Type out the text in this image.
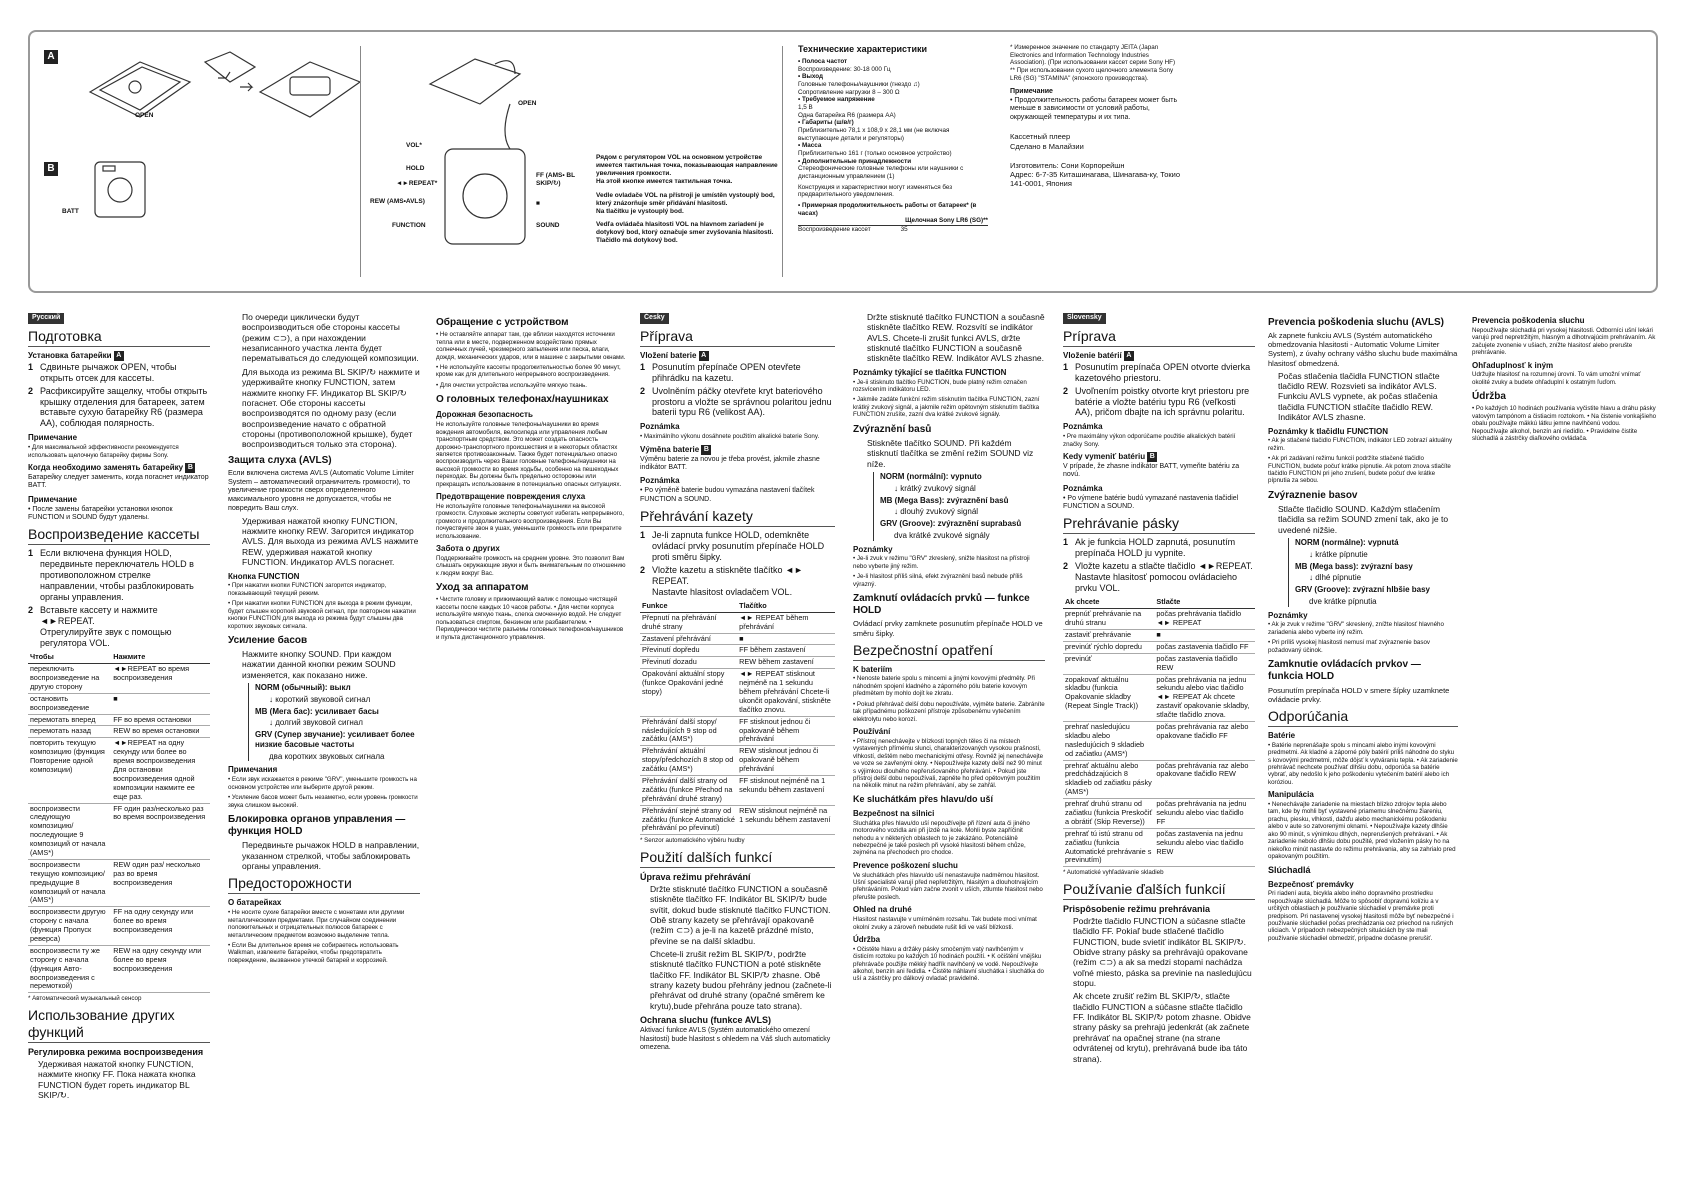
A
B
OPEN
BATT
OPEN
VOL*
HOLD
◄►REPEAT*
REW (AMS•AVLS)
FUNCTION
FF (AMS• BL SKIP/↻)
■
SOUND

Рядом с регулятором VOL на основном устройстве имеется тактильная точка, показывающая направление увеличения громкости.

На этой кнопке имеется тактильная точка.

Vedle ovladače VOL na přístroji je umístěn vystouplý bod, který znázorňuje směr přidávání hlasitosti.

Na tlačítku je vystouplý bod.

Vedľa ovládača hlasitosti VOL na hlavnom zariadení je dotykový bod, ktorý označuje smer zvyšovania hlasitosti.

Tlačidlo má dotykový bod.

Технические характеристики
• Полоса частот
Воспроизведение: 30-18 000 Гц
• Выход
Головные телефоны/наушники (гнездо ♫)
Сопротивление нагрузки 8 – 300 Ω
• Требуемое напряжение
1,5 В
Одна батарейка R6 (размера AA)
• Габариты (ш/в/г)
Приблизительно 78,1 x 108,9 x 28,1 мм (не включая выступающие детали и регуляторы)
• Масса
Приблизительно 161 г (только основное устройство)
• Дополнительные принадлежности
Стереофонические головные телефоны или наушники с дистанционным управлением (1)
Конструкция и характеристики могут изменяться без предварительного уведомления.
• Примерная продолжительность работы от батареек* (в часах)
Щелочная Sony LR6 (SG)**
Воспроизведение кассет	35
* Измеренное значение по стандарту JEITA (Japan Electronics and Information Technology Industries Association). (При использовании кассет серии Sony HF)
** При использовании сухого щелочного элемента Sony LR6 (SG) "STAMINA" (японского производства).
Примечание
• Продолжительность работы батареек может быть меньше в зависимости от условий работы, окружающей температуры и их типа.
Кассетный плеер
Сделано в Малайзии
Изготовитель: Сони Корпорейшн
Адрес: 6-7-35 Киташинагава, Шинагава-ку, Токио 141-0001, Япония
Русский
Подготовка
Установка батарейки A
1 Сдвиньте рычажок OPEN, чтобы открыть отсек для кассеты.
2 Расфиксируйте защелку, чтобы открыть крышку отделения для батареек, затем вставьте сухую батарейку R6 (размера AA), соблюдая полярность.
Примечание

• Для максимальной эффективности рекомендуется использовать щелочную батарейку фирмы Sony.

Когда необходимо заменять батарейку B

Батарейку следует заменить, когда погаснет индикатор BATT.

Примечание

• После замены батарейки установки кнопок FUNCTION и SOUND будут удалены.

Воспроизведение кассеты
1 Если включена функция HOLD, передвиньте переключатель HOLD в противоположном стрелке направлении, чтобы разблокировать органы управления.
2 Вставьте кассету и нажмите ◄►REPEAT.
Отрегулируйте звук с помощью регулятора VOL.
Чтобы	Нажмите
переключить воспроизведение на другую сторону	◄►REPEAT во время воспроизведения
остановить воспроизведение	■
перемотать вперед	FF во время остановки
перемотать назад	REW во время остановки
повторить текущую композицию (функция Повторение одной композиции)	◄►REPEAT на одну секунду или более во время воспроизведения Для остановки воспроизведения одной композиции нажмите ее еще раз.
воспроизвести следующую композицию/ последующие 9 композиций от начала (AMS*)	FF один раз/несколько раз во время воспроизведения
воспроизвести текущую композицию/ предыдущие 8 композиций от начала (AMS*)	REW один раз/ несколько раз во время воспроизведения
воспроизвести другую сторону с начала (функция Пропуск реверса)	FF на одну секунду или более во время воспроизведения
воспроизвести ту же сторону с начала (функция Авто-воспроизведения с перемоткой)	REW на одну секунду или более во время воспроизведения

* Автоматический музыкальный сенсор

Использование других функций
Регулировка режима воспроизведения

Удерживая нажатой кнопку FUNCTION, нажмите кнопку FF. Пока нажата кнопка FUNCTION будет гореть индикатор BL SKIP/↻.

По очереди циклически будут воспроизводиться обе стороны кассеты (режим ⊂⊃), а при нахождении незаписанного участка лента будет перематываться до следующей композиции.

Для выхода из режима BL SKIP/↻ нажмите и удерживайте кнопку FUNCTION, затем нажмите кнопку FF. Индикатор BL SKIP/↻ погаснет. Обе стороны кассеты воспроизводятся по одному разу (если воспроизведение начато с обратной стороны (противоположной крышке), будет воспроизводиться только эта сторона).

Защита слуха (AVLS)

Если включена система AVLS (Automatic Volume Limiter System – автоматический ограничитель громкости), то увеличение громкости сверх определенного максимального уровня не допускается, чтобы не повредить Ваш слух.

Удерживая нажатой кнопку FUNCTION, нажмите кнопку REW. Загорится индикатор AVLS. Для выхода из режима AVLS нажмите REW, удерживая нажатой кнопку FUNCTION. Индикатор AVLS погаснет.

Кнопка FUNCTION

• При нажатии кнопки FUNCTION загорится индикатор, показывающий текущий режим.

• При нажатии кнопки FUNCTION для выхода в режим функции, будет слышен короткий звуковой сигнал, при повторном нажатии кнопки FUNCTION для выхода из режима будут слышны два коротких звуковых сигнала.

Усиление басов

Нажмите кнопку SOUND. При каждом нажатии данной кнопки режим SOUND изменяется, как показано ниже.

NORM (обычный): выкл
↓ короткий звуковой сигнал
MB (Мега бас): усиливает басы
↓ долгий звуковой сигнал
GRV (Супер звучание): усиливает более низкие басовые частоты
два коротких звуковых сигнала
Примечания

• Если звук искажается в режиме "GRV", уменьшите громкость на основном устройстве или выберите другой режим.

• Усиление басов может быть незаметно, если уровень громкости звука слишком высокий.

Блокировка органов управления — функция HOLD

Передвиньте рычажок HOLD в направлении, указанном стрелкой, чтобы заблокировать органы управления.

Предосторожности
О батарейках

• Не носите сухие батарейки вместе с монетами или другими металлическими предметами. При случайном соединении положительных и отрицательных полюсов батареек с металлическим предметом возможно выделение тепла.

• Если Вы длительное время не собираетесь использовать Walkman, извлеките батарейки, чтобы предотвратить повреждение, вызванное утечкой батарей и коррозией.

Обращение с устройством

• Не оставляйте аппарат там, где вблизи находятся источники тепла или в месте, подверженном воздействию прямых солнечных лучей, чрезмерного запыления или песка, влаги, дождя, механических ударов, или в машине с закрытыми окнами.

• Не используйте кассеты продолжительностью более 90 минут, кроме как для длительного непрерывного воспроизведения.

• Для очистки устройства используйте мягкую ткань.

О головных телефонах/наушниках
Дорожная безопасность

Не используйте головные телефоны/наушники во время вождения автомобиля, велосипеда или управления любым транспортным средством. Это может создать опасность дорожно-транспортного происшествия и в некоторых областях является противозаконным. Также будет потенциально опасно воспроизводить через Ваши головные телефоны/наушники на высокой громкости во время ходьбы, особенно на пешеходных переходах. Вы должны быть предельно осторожны или прекращать использование в потенциально опасных ситуациях.

Предотвращение повреждения слуха

Не используйте головные телефоны/наушники на высокой громкости. Слуховые эксперты советуют избегать непрерывного, громкого и продолжительного воспроизведения. Если Вы почувствуете звон в ушах, уменьшите громкость или прекратите использование.

Забота о других

Поддерживайте громкость на среднем уровне. Это позволит Вам слышать окружающие звуки и быть внимательным по отношению к людям вокруг Вас.

Уход за аппаратом

• Чистите головку и прижимающий валик с помощью чистящей кассеты после каждых 10 часов работы. • Для чистки корпуса используйте мягкую ткань, слегка смоченную водой. Не следует пользоваться спиртом, бензином или разбавителем. • Периодически чистите разъемы головных телефонов/наушников и пульта дистанционного управления.

Česky
Příprava
Vložení baterie A
1 Posunutím přepínače OPEN otevřete přihrádku na kazetu.
2 Uvolněním páčky otevřete kryt bateriového prostoru a vložte se správnou polaritou jednu baterii typu R6 (velikost AA).
Poznámka

• Maximálního výkonu dosáhnete použitím alkalické baterie Sony.

Výměna baterie B

Výměnu baterie za novou je třeba provést, jakmile zhasne indikátor BATT.

Poznámka

• Po výměně baterie budou vymazána nastavení tlačítek FUNCTION a SOUND.

Přehrávání kazety
1 Je-li zapnuta funkce HOLD, odemkněte ovládací prvky posunutím přepínače HOLD proti směru šipky.
2 Vložte kazetu a stiskněte tlačítko ◄► REPEAT.
Nastavte hlasitost ovladačem VOL.
Funkce	Tlačítko
Přepnutí na přehrávání druhé strany	◄► REPEAT během přehrávání
Zastavení přehrávání	■
Převinutí dopředu	FF během zastavení
Převinutí dozadu	REW během zastavení
Opakování aktuální stopy (funkce Opakování jedné stopy)	◄► REPEAT stisknout nejméně na 1 sekundu během přehrávání Chcete-li ukončit opakování, stiskněte tlačítko znovu.
Přehrávání další stopy/ následujících 9 stop od začátku (AMS*)	FF stisknout jednou či opakovaně během přehrávání
Přehrávání aktuální stopy/předchozích 8 stop od začátku (AMS*)	REW stisknout jednou či opakovaně během přehrávání
Přehrávání další strany od začátku (funkce Přechod na přehrávání druhé strany)	FF stisknout nejméně na 1 sekundu během zastavení
Přehrávání stejné strany od začátku (funkce Automatické přehrávání po převinutí)	REW stisknout nejméně na 1 sekundu během zastavení

* Senzor automatického výběru hudby

Použití dalších funkcí
Úprava režimu přehrávání

Držte stisknuté tlačítko FUNCTION a současně stiskněte tlačítko FF. Indikátor BL SKIP/↻ bude svítit, dokud bude stisknuté tlačítko FUNCTION. Obě strany kazety se přehrávají opakovaně (režim ⊂⊃) a je-li na kazetě prázdné místo, převine se na další skladbu.

Chcete-li zrušit režim BL SKIP/↻, podržte stisknuté tlačítko FUNCTION a poté stiskněte tlačítko FF. Indikátor BL SKIP/↻ zhasne. Obě strany kazety budou přehrány jednou (začnete-li přehrávat od druhé strany (opačné směrem ke krytu),bude přehrána pouze tato strana).

Ochrana sluchu (funkce AVLS)

Aktivací funkce AVLS (Systém automatického omezení hlasitosti) bude hlasitost s ohledem na Váš sluch automaticky omezena.

Držte stisknuté tlačítko FUNCTION a současně stiskněte tlačítko REW. Rozsvítí se indikátor AVLS. Chcete-li zrušit funkci AVLS, držte stisknuté tlačítko FUNCTION a současně stiskněte tlačítko REW. Indikátor AVLS zhasne.

Poznámky týkající se tlačítka FUNCTION

• Je-ii stisknuto tlačítko FUNCTION, bude platný režim označen rozsvícením indikátoru LED.

• Jakmile zadáte funkční režim stisknutím tlačítka FUNCTION, zazní krátký zvukový signál, a jakmile režim opětovným stisknutím tlačítka FUNCTION zrušíte, zazní dva krátké zvukové signály.

Zvýraznění basů

Stiskněte tlačítko SOUND. Při každém stisknutí tlačítka se změní režim SOUND viz níže.

NORM (normální): vypnuto
↓ krátký zvukový signál
MB (Mega Bass): zvýraznění basů
↓ dlouhý zvukový signál
GRV (Groove): zvýraznění suprabasů
dva krátké zvukové signály
Poznámky

• Je-li zvuk v režimu "GRV" zkreslený, snižte hlasitost na přístroji nebo vyberte jiný režim.

• Je-li hlasitost příliš silná, efekt zvýraznění basů nebude příliš výrazný.

Zamknutí ovládacích prvků — funkce HOLD

Ovládací prvky zamknete posunutím přepínače HOLD ve směru šipky.

Bezpečnostní opatření
K bateriím

• Nenoste baterie spolu s mincemi a jinými kovovými předměty. Při náhodném spojení kladného a záporného pólu baterie kovovým předmětem by mohlo dojít ke zkratu.

• Pokud přehrávač delší dobu nepoužíváte, vyjměte baterie. Zabráníte tak případnému poškození přístroje způsobenému vytečením elektrolytu nebo korozí.

Používání

• Přístroj nenechávejte v blízkosti topných těles či na místech vystavených přímému slunci, charakterizovaných vysokou prašností, vlhkostí, deštěm nebo mechanickými otřesy. Rovněž jej nenechávejte ve voze se zavřenými okny. • Nepoužívejte kazety delší než 90 minut s výjimkou dlouhého nepřerušovaného přehrávání. • Pokud jste přístroj delší dobu nepoužívali, zapněte ho před opětovným použitím na několik minut na režim přehrávání, aby se zahřál.

Ke sluchátkám přes hlavu/do uší
Bezpečnost na silnici

Sluchátka přes hlavu/do uší nepoužívejte při řízení auta či jiného motorového vozidla ani při jízdě na kole. Mohli byste zapříčinit nehodu a v některých oblastech to je zakázáno. Potenciálně nebezpečné je také poslech při vysoké hlasitosti během chůze, zejména na přechodech pro chodce.

Prevence poškození sluchu

Ve sluchátkách přes hlavu/do uší nenastavujte nadměrnou hlasitost. Ušní specialisté varují před nepřetržitým, hlasitým a dlouhotrvajícím přehráváním. Pokud vám začne zvonit v uších, ztlumte hlasitost nebo přerušte poslech.

Ohled na druhé

Hlasitost nastavujte v umírněném rozsahu. Tak budete moci vnímat okolní zvuky a zároveň nebudete rušit lidi ve vaší blízkosti.

Údržba

• Očistěte hlavu a držáky pásky smočeným vatý navlhčeným v čisticím roztoku po každých 10 hodinách použití. • K očištění vnějšku přehrávače použijte měkký hadřík navlhčený ve vodě. Nepoužívejte alkohol, benzín ani ředidla. • Čistěte náhlavní sluchátka i sluchátka do uší a zástrčky pro dálkový ovladač pravidelně.

Slovensky
Príprava
Vloženie batérií A
1 Posunutím prepínača OPEN otvorte dvierka kazetového priestoru.
2 Uvoľnením poistky otvorte kryt priestoru pre batérie a vložte batériu typu R6 (veľkosti AA), pričom dbajte na ich správnu polaritu.
Poznámka

• Pre maximálny výkon odporúčame použitie alkalických batérií značky Sony.

Kedy vymeniť batériu B

V prípade, že zhasne indikátor BATT, vymeňte batériu za novú.

Poznámka

• Po výmene batérie budú vymazané nastavenia tlačidiel FUNCTION a SOUND.

Prehrávanie pásky
1 Ak je funkcia HOLD zapnutá, posunutím prepínača HOLD ju vypnite.
2 Vložte kazetu a stlačte tlačidlo ◄►REPEAT.
Nastavte hlasitosť pomocou ovládacieho prvku VOL.
Ak chcete	Stlačte
prepnúť prehrávanie na druhú stranu	počas prehrávania tlačidlo ◄► REPEAT
zastaviť prehrávanie	■
previnúť rýchlo dopredu	počas zastavenia tlačidlo FF
previnúť	počas zastavenia tlačidlo REW
zopakovať aktuálnu skladbu (funkcia Opakovanie skladby (Repeat Single Track))	počas prehrávania na jednu sekundu alebo viac tlačidlo ◄► REPEAT Ak chcete zastaviť opakovanie skladby, stlačte tlačidlo znova.
prehrať nasledujúcu skladbu alebo nasledujúcich 9 skladieb od začiatku (AMS*)	počas prehrávania raz alebo opakovane tlačidlo FF
prehrať aktuálnu alebo predchádzajúcich 8 skladieb od začiatku pásky (AMS*)	počas prehrávania raz alebo opakovane tlačidlo REW
prehrať druhú stranu od začiatku (funkcia Preskočiť a obrátiť (Skip Reverse))	počas prehrávania na jednu sekundu alebo viac tlačidlo FF
prehrať tú istú stranu od začiatku (funkcia Automatické prehrávanie s previnutím)	počas zastavenia na jednu sekundu alebo viac tlačidlo REW

* Automatické vyhľadávanie skladieb

Používanie ďalších funkcií
Prispôsobenie režimu prehrávania

Podržte tlačidlo FUNCTION a súčasne stlačte tlačidlo FF. Pokiaľ bude stlačené tlačidlo FUNCTION, bude svietiť indikátor BL SKIP/↻. Obidve strany pásky sa prehrávajú opakovane (režim ⊂⊃) a ak sa medzi stopami nachádza voľné miesto, páska sa previnie na nasledujúcu stopu.

Ak chcete zrušiť režim BL SKIP/↻, stlačte tlačidlo FUNCTION a súčasne stlačte tlačidlo FF. Indikátor BL SKIP/↻ potom zhasne. Obidve strany pásky sa prehrajú jedenkrát (ak začnete prehrávať na opačnej strane (na strane odvrátenej od krytu), prehrávaná bude iba táto strana).

Prevencia poškodenia sluchu (AVLS)

Ak zapnete funkciu AVLS (Systém automatického obmedzovania hlasitosti - Automatic Volume Limiter System), z úvahy ochrany vášho sluchu bude maximálna hlasitosť obmedzená.

Počas stlačenia tlačidla FUNCTION stlačte tlačidlo REW. Rozsvieti sa indikátor AVLS. Funkciu AVLS vypnete, ak počas stlačenia tlačidla FUNCTION stlačíte tlačidlo REW. Indikátor AVLS zhasne.

Poznámky k tlačidlu FUNCTION

• Ak je stlačené tlačidlo FUNCTION, indikátor LED zobrazí aktuálny režim.

• Ak pri zadávaní režimu funkcií podržíte stlačené tlačidlo FUNCTION, budete počuť krátke pípnutie. Ak potom znova stlačíte tlačidlo FUNCTION pri jeho zrušení, budete počuť dve krátke pípnutia za sebou.

Zvýraznenie basov

Stlačte tlačidlo SOUND. Každým stlačením tlačidla sa režim SOUND zmení tak, ako je to uvedené nižšie.

NORM (normálne): vypnutá
↓ krátke pípnutie
MB (Mega bass): zvýrazní basy
↓ dlhé pípnutie
GRV (Groove): zvýrazní hlbšie basy
dve krátke pípnutia
Poznámky

• Ak je zvuk v režime "GRV" skreslený, znížte hlasitosť hlavného zariadenia alebo vyberte iný režim.

• Pri príliš vysokej hlasitosti nemusí mať zvýraznenie basov požadovaný účinok.

Zamknutie ovládacích prvkov — funkcia HOLD

Posunutím prepínača HOLD v smere šípky uzamknete ovládacie prvky.

Odporúčania
Batérie

• Batérie neprenášajte spolu s mincami alebo inými kovovými predmetmi. Ak kladné a záporné póly batérií príliš náhodne do styku s kovovými predmetmi, môže dôjsť k vytváraniu tepla. • Ak zariadenie prehrávač nechcete používať dlhšiu dobu, odporúča sa batérie vybrať, aby nedošlo k jeho poškodeniu vytečením batérií alebo ich koróziou.

Manipulácia

• Nenechávajte zariadenie na miestach blízko zdrojov tepla alebo tam, kde by mohli byť vystavené priamemu slnečnému žiareniu, prachu, piesku, vlhkosti, dažďu alebo mechanickému poškodeniu alebo v aute so zatvorenými oknami. • Nepoužívajte kazety dlhšie ako 90 minút, s výnimkou dlhých, neprerušených prehrávaní. • Ak zariadenie nebolo dlhšiu dobu použité, pred vložením pásky ho na niekoľko minút nastavte do režimu prehrávania, aby sa zahrialo pred opakovaným použitím.

Slúchadlá
Bezpečnosť premávky

Pri riadení auta, bicykla alebo iného dopravného prostriedku nepoužívajte slúchadlá. Môže to spôsobiť dopravnú kolíziu a v určitých oblastiach je používanie slúchadiel v premávke proti predpisom. Pri nastavenej vysokej hlasitosti môže byť nebezpečné i používanie slúchadiel počas prechádzania cez priechod na rušných uliciach. V prípadoch nebezpečných situáciách by ste mali používanie slúchadiel obmedziť, prípadne dočasne prerušiť.

Prevencia poškodenia sluchu

Nepoužívajte slúchadlá pri vysokej hlasitosti. Odborníci ušní lekári varujú pred nepretržitým, hlasným a dlhotrvajúcim prehrávaním. Ak začujete zvonenie v ušiach, znížte hlasitosť alebo prerušte prehrávanie.

Ohľaduplnosť k iným

Udržujte hlasitosť na rozumnej úrovni. To vám umožní vnímať okolité zvuky a budete ohľaduplní k ostatným ľuďom.

Údržba

• Po každých 10 hodinách používania vyčistite hlavu a dráhu pásky vatovým tampónom a čistiacim roztokom. • Na čistenie vonkajšieho obalu používajte mäkkú látku jemne navlhčenú vodou. Nepoužívajte alkohol, benzín ani riedidlo. • Pravidelne čistite slúchadlá a zástrčky diaľkového ovládača.
